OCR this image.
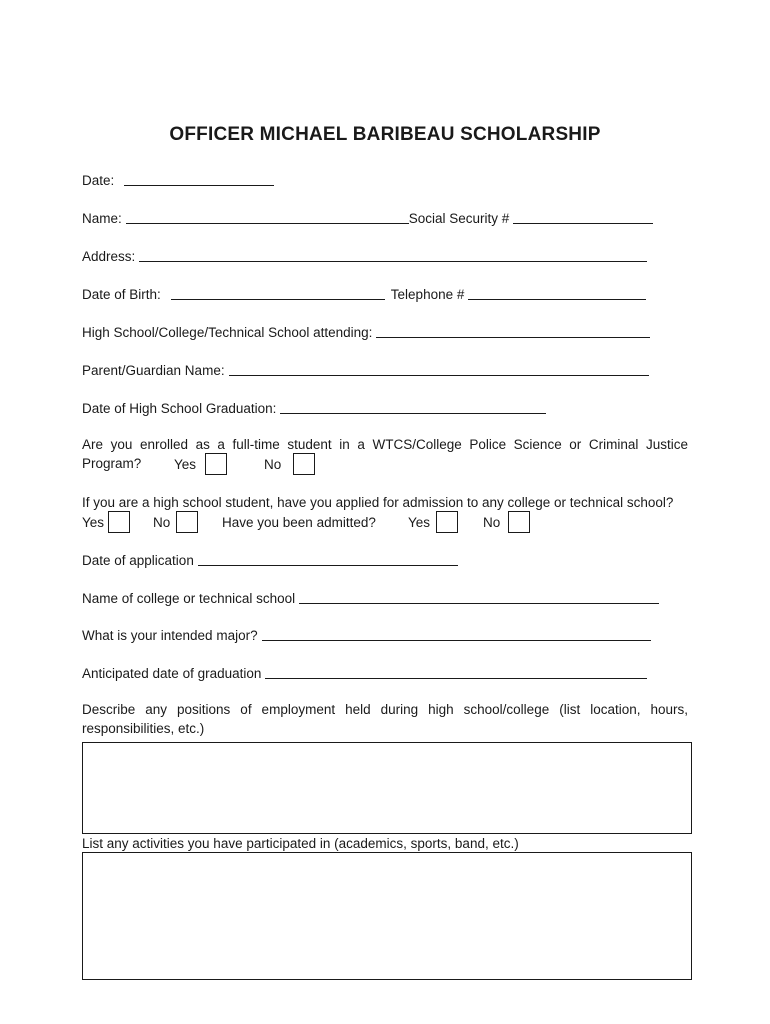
OFFICER MICHAEL BARIBEAU SCHOLARSHIP
Date:
Name:	Social Security #
Address:
Date of Birth:	Telephone #
High School/College/Technical School attending:
Parent/Guardian Name:
Date of High School Graduation:
Are you enrolled as a full-time student in a WTCS/College Police Science or Criminal Justice Program?	Yes	No
If you are a high school student, have you applied for admission to any college or technical school?
Yes	No	Have you been admitted? Yes	No
Date of application
Name of college or technical school
What is your intended major?
Anticipated date of graduation
Describe any positions of employment held during high school/college (list location, hours, responsibilities, etc.)
List any activities you have participated in (academics, sports, band, etc.)
